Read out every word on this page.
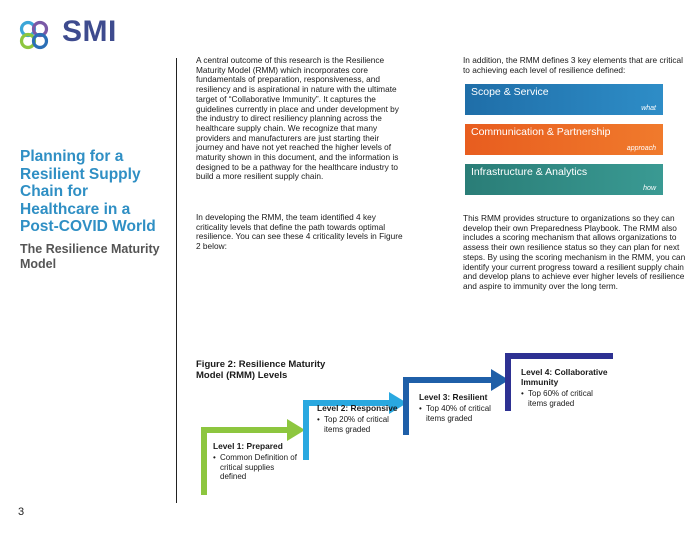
SMI
Planning for a Resilient Supply Chain for Healthcare in a Post-COVID World
The Resilience Maturity Model
3
A central outcome of this research is the Resilience Maturity Model (RMM) which incorporates core fundamentals of preparation, responsiveness, and resiliency and is aspirational in nature with the ultimate target of “Collaborative Immunity”. It captures the guidelines currently in place and under development by the industry to direct resiliency planning across the healthcare supply chain. We recognize that many providers and manufacturers are just starting their journey and have not yet reached the higher levels of maturity shown in this document, and the information is designed to be a pathway for the healthcare industry to build a more resilient supply chain.
In developing the RMM, the team identified 4 key criticality levels that define the path towards optimal resilience. You can see these 4 criticality levels in Figure 2 below:
In addition, the RMM defines 3 key elements that are critical to achieving each level of resilience defined:
Scope & Service
what
Communication & Partnership
approach
Infrastructure & Analytics
how
This RMM provides structure to organizations so they can develop their own Preparedness Playbook. The RMM also includes a scoring mechanism that allows organizations to assess their own resilience status so they can plan for next steps. By using the scoring mechanism in the RMM, you can identify your current progress toward a resilient supply chain and develop plans to achieve ever higher levels of resilience and aspire to immunity over the long term.
Figure 2: Resilience Maturity Model (RMM) Levels
Level 1: Prepared
• Common Definition of critical supplies defined
Level 2: Responsive
• Top 20% of critical items graded
Level 3: Resilient
• Top 40% of critical items graded
Level 4: Collaborative Immunity
• Top 60% of critical items graded
